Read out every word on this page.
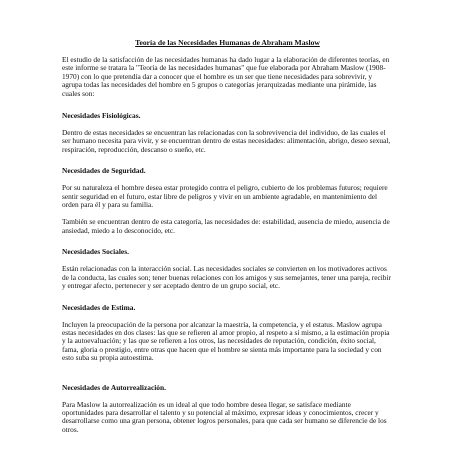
Teoría de las Necesidades Humanas de Abraham Maslow

El estudio de la satisfacción de las necesidades humanas ha dado lugar a la elaboración de diferentes teorías, en este informe se tratara la "Teoría de las necesidades humanas" que fue elaborada por Abraham Maslow (1908-1970) con lo que pretendía dar a conocer que el hombre es un ser que tiene necesidades para sobrevivir, y agrupa todas las necesidades del hombre en 5 grupos o categorías jerarquizadas mediante una pirámide, las cuales son:

Necesidades Fisiológicas.

Dentro de estas necesidades se encuentran las relacionadas con la sobrevivencia del individuo, de las cuales el ser humano necesita para vivir, y se encuentran dentro de estas necesidades: alimentación, abrigo, deseo sexual, respiración, reproducción, descanso o sueño, etc.

Necesidades de Seguridad.

Por su naturaleza el hombre desea estar protegido contra el peligro, cubierto de los problemas futuros; requiere sentir seguridad en el futuro, estar libre de peligros y vivir en un ambiente agradable, en mantenimiento del orden para él y para su familia.

También se encuentran dentro de esta categoría, las necesidades de: estabilidad, ausencia de miedo, ausencia de ansiedad, miedo a lo desconocido, etc.

Necesidades Sociales.

Están relacionadas con la interacción social. Las necesidades sociales se convierten en los motivadores activos de la conducta, las cuales son; tener buenas relaciones con los amigos y sus semejantes, tener una pareja, recibir y entregar afecto, pertenecer y ser aceptado dentro de un grupo social, etc.

Necesidades de Estima.

Incluyen la preocupación de la persona por alcanzar la maestría, la competencia, y el estatus. Maslow agrupa estas necesidades en dos clases: las que se refieren al amor propio, al respeto a sí mismo, a la estimación propia y la autoevaluación; y las que se refieren a los otros, las necesidades de reputación, condición, éxito social, fama, gloria o prestigio, entre otras que hacen que el hombre se sienta más importante para la sociedad y con esto suba su propia autoestima.

Necesidades de Autorrealización.

Para Maslow la autorrealización es un ideal al que todo hombre desea llegar, se satisface mediante oportunidades para desarrollar el talento y su potencial al máximo, expresar ideas y conocimientos, crecer y desarrollarse como una gran persona, obtener logros personales, para que cada ser humano se diferencie de los otros.
